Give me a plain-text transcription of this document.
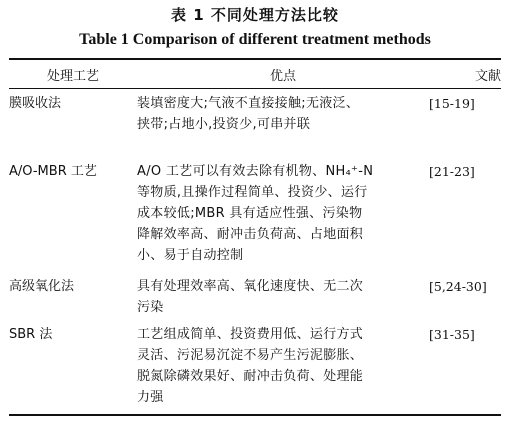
表 1 不同处理方法比较
Table 1 Comparison of different treatment methods
处理工艺	优点	文献
膜吸收法	装填密度大;气液不直接接触;无液泛、
挟带;占地小,投资少,可串并联	[15-19]
A/O-MBR 工艺	A/O 工艺可以有效去除有机物、NH₄⁺-N
等物质,且操作过程简单、投资少、运行
成本较低;MBR 具有适应性强、污染物
降解效率高、耐冲击负荷高、占地面积
小、易于自动控制	[21-23]
高级氧化法	具有处理效率高、氧化速度快、无二次
污染	[5,24-30]
SBR 法	工艺组成简单、投资费用低、运行方式
灵活、污泥易沉淀不易产生污泥膨胀、
脱氮除磷效果好、耐冲击负荷、处理能
力强	[31-35]
